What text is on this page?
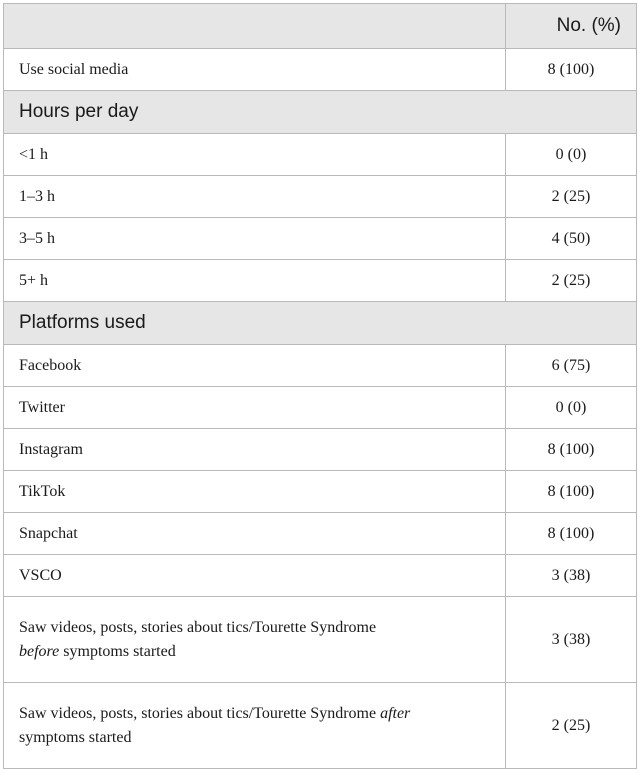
	No. (%)
Use social media	8 (100)
Hours per day	
<1 h	0 (0)
1–3 h	2 (25)
3–5 h	4 (50)
5+ h	2 (25)
Platforms used	
Facebook	6 (75)
Twitter	0 (0)
Instagram	8 (100)
TikTok	8 (100)
Snapchat	8 (100)
VSCO	3 (38)
Saw videos, posts, stories about tics/Tourette Syndrome
before symptoms started	3 (38)
Saw videos, posts, stories about tics/Tourette Syndrome after
symptoms started	2 (25)
